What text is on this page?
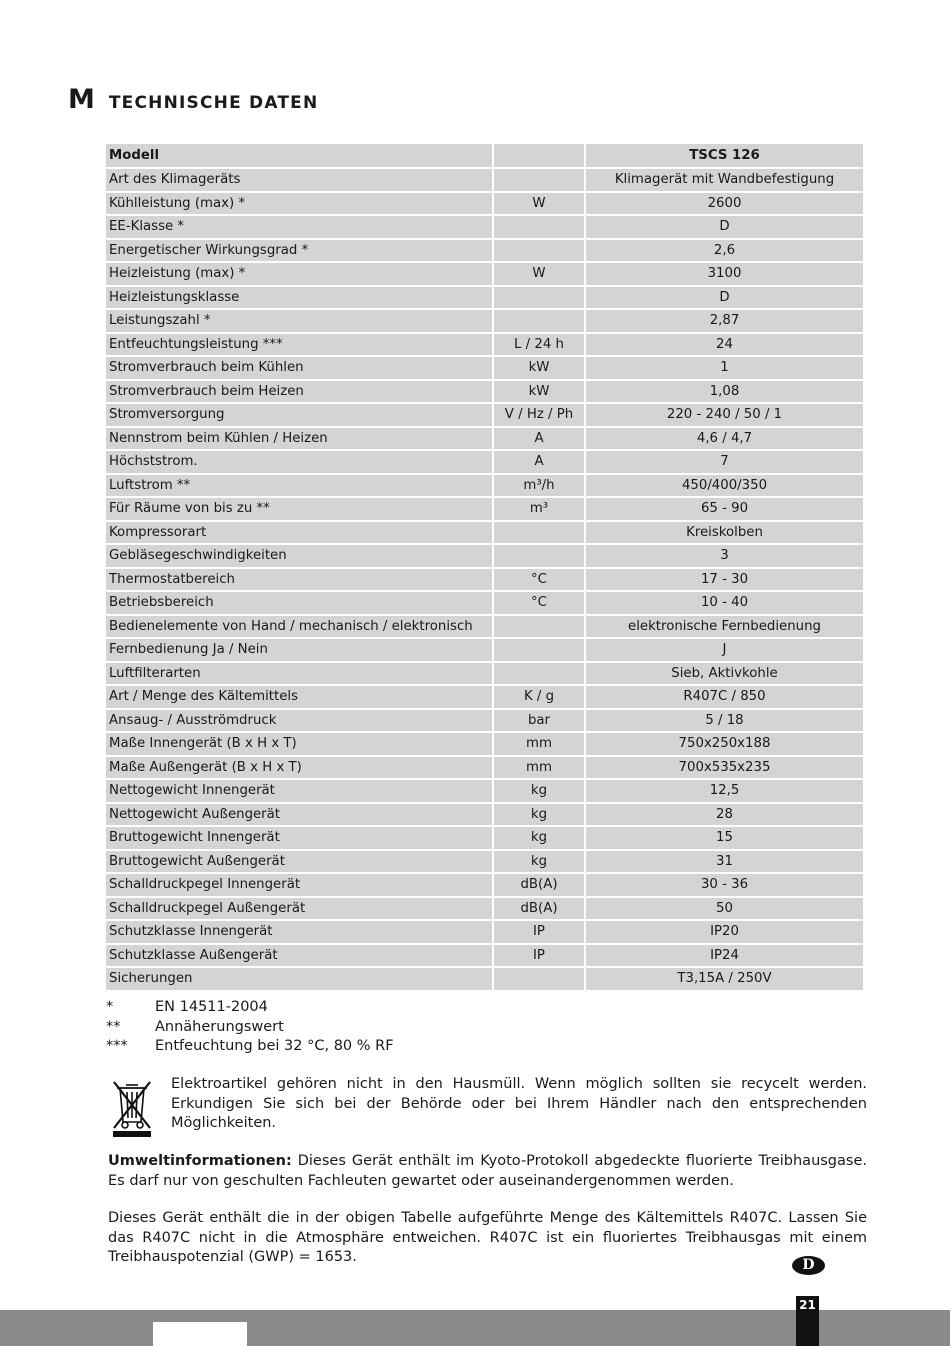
M TECHNISCHE DATEN
Modell		TSCS 126
Art des Klimageräts		Klimagerät mit Wandbefestigung
Kühlleistung (max) *	W	2600
EE-Klasse *		D
Energetischer Wirkungsgrad *		2,6
Heizleistung (max) *	W	3100
Heizleistungsklasse		D
Leistungszahl *		2,87
Entfeuchtungsleistung ***	L / 24 h	24
Stromverbrauch beim Kühlen	kW	1
Stromverbrauch beim Heizen	kW	1,08
Stromversorgung	V / Hz / Ph	220 - 240 / 50 / 1
Nennstrom beim Kühlen / Heizen	A	4,6 / 4,7
Höchststrom.	A	7
Luftstrom **	m³/h	450/400/350
Für Räume von bis zu **	m³	65 - 90
Kompressorart		Kreiskolben
Gebläsegeschwindigkeiten		3
Thermostatbereich	°C	17 - 30
Betriebsbereich	°C	10 - 40
Bedienelemente von Hand / mechanisch / elektronisch		elektronische Fernbedienung
Fernbedienung Ja / Nein		J
Luftfilterarten		Sieb, Aktivkohle
Art / Menge des Kältemittels	K / g	R407C / 850
Ansaug- / Ausströmdruck	bar	5 / 18
Maße Innengerät (B x H x T)	mm	750x250x188
Maße Außengerät (B x H x T)	mm	700x535x235
Nettogewicht Innengerät	kg	12,5
Nettogewicht Außengerät	kg	28
Bruttogewicht Innengerät	kg	15
Bruttogewicht Außengerät	kg	31
Schalldruckpegel Innengerät	dB(A)	30 - 36
Schalldruckpegel Außengerät	dB(A)	50
Schutzklasse Innengerät	IP	IP20
Schutzklasse Außengerät	IP	IP24
Sicherungen		T3,15A / 250V
*	EN 14511-2004
**	Annäherungswert
***	Entfeuchtung bei 32 °C, 80 % RF
Elektroartikel gehören nicht in den Hausmüll. Wenn möglich sollten sie recycelt werden. Erkundigen Sie sich bei der Behörde oder bei Ihrem Händler nach den entsprechenden Möglichkeiten.
Umweltinformationen: Dieses Gerät enthält im Kyoto-Protokoll abgedeckte fluorierte Treibhausgase. Es darf nur von geschulten Fachleuten gewartet oder auseinandergenommen werden.
Dieses Gerät enthält die in der obigen Tabelle aufgeführte Menge des Kältemittels R407C. Lassen Sie das R407C nicht in die Atmosphäre entweichen. R407C ist ein fluoriertes Treibhausgas mit einem Treibhauspotenzial (GWP) = 1653.	D
21
